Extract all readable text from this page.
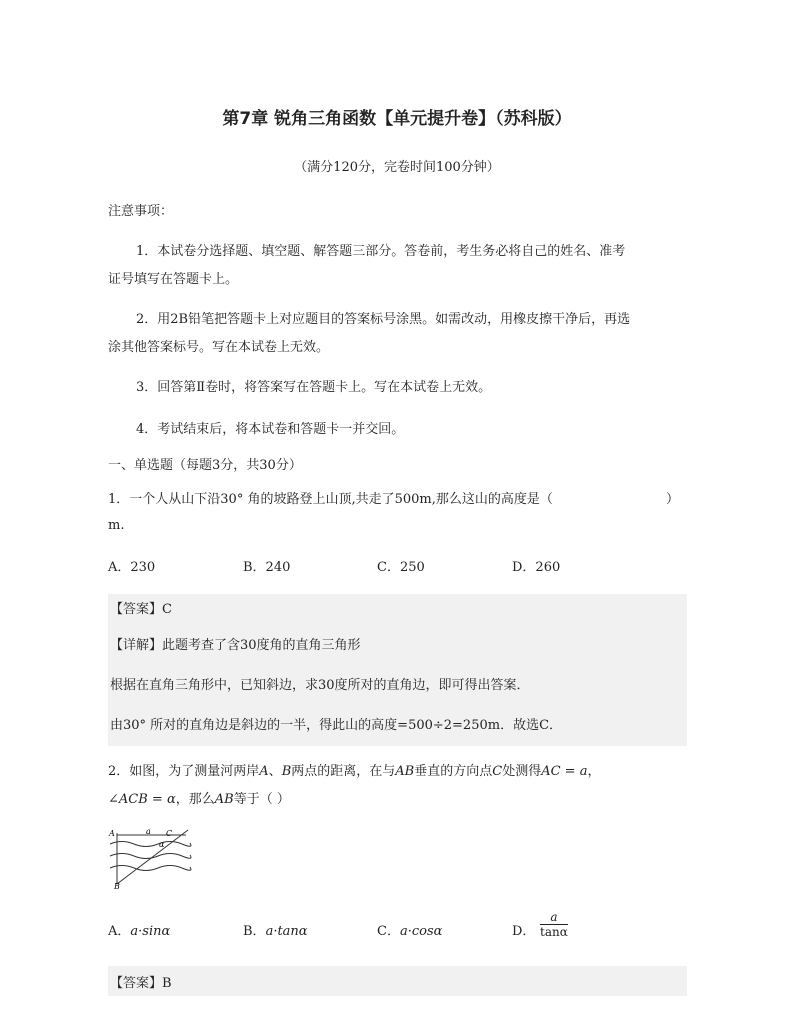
第7章 锐角三角函数【单元提升卷】（苏科版）
（满分120分，完卷时间100分钟）
注意事项：
1．本试卷分选择题、填空题、解答题三部分。答卷前，考生务必将自己的姓名、准考
证号填写在答题卡上。
2．用2B铅笔把答题卡上对应题目的答案标号涂黑。如需改动，用橡皮擦干净后，再选
涂其他答案标号。写在本试卷上无效。
3．回答第Ⅱ卷时，将答案写在答题卡上。写在本试卷上无效。
4．考试结束后，将本试卷和答题卡一并交回。
一、单选题（每题3分，共30分）
1．一个人从山下沿30° 角的坡路登上山顶,共走了500m,那么这山的高度是（	）
m.
A．230	B．240	C．250	D．260
【答案】C
【详解】此题考查了含30度角的直角三角形
根据在直角三角形中，已知斜边，求30度所对的直角边，即可得出答案．
由30° 所对的直角边是斜边的一半，得此山的高度=500÷2=250m．故选C．
2．如图，为了测量河两岸A、B两点的距离，在与AB垂直的方向点C处测得AC = a，
∠ACB = α，那么AB等于（ ）
A	a C
α
B
A．a·sinα	B．a·tanα	C．a·cosα	D． $\frac{a}{\tan\alpha}$
【答案】B
